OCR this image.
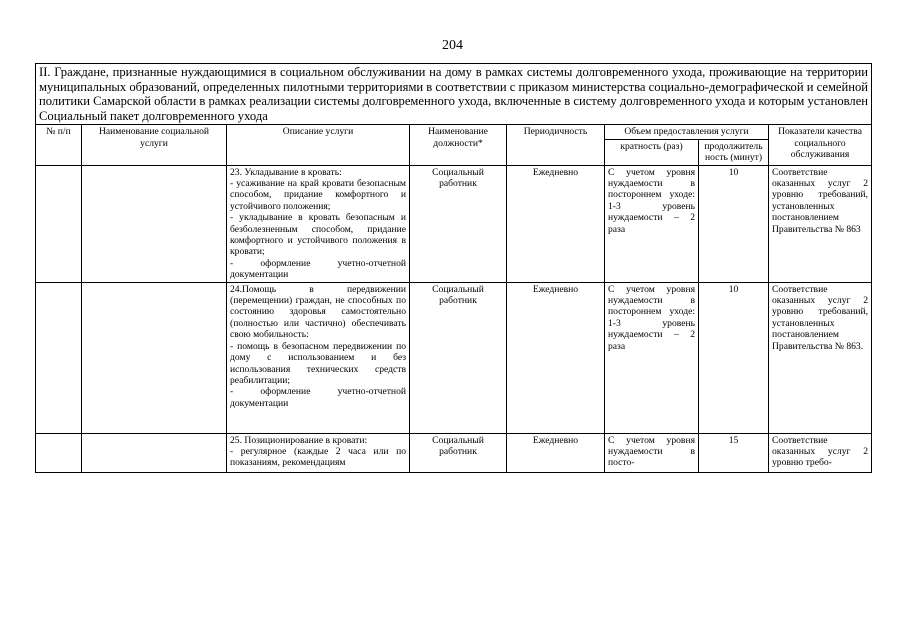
204
II. Граждане, признанные нуждающимися в социальном обслуживании на дому в рамках системы долговременного ухода, проживающие на территории муниципальных образований, определенных пилотными территориями в соответствии с приказом министерства социально-демографической и семейной политики Самарской области в рамках реализации системы долговременного ухода, включенные в систему долговременного ухода и которым установлен Социальный пакет долговременного ухода							
№ п/п	Наименование социальной услуги	Описание услуги	Наименование должности*	Периодичность	Объем предоставления услуги		Показатели качества социального обслуживания
					кратность (раз)	продолжительность (минут)	

		23. Укладывание в кровать:
- усаживание на край кровати безопасным способом, придание комфортного и устойчивого положения;
- укладывание в кровать безопасным и безболезненным способом, придание комфортного и устойчивого положения в кровати;
- оформление учетно-отчетной документации	Социальный работник	Ежедневно	С учетом уровня нуждаемости в постороннем уходе: 1-3 уровень нуждаемости – 2 раза	10	Соответствие оказанных услуг 2 уровню требований, установленных постановлением Правительства № 863

		24.Помощь в передвижении (перемещении) граждан, не способных по состоянию здоровья самостоятельно (полностью или частично) обеспечивать свою мобильность:
- помощь в безопасном передвижении по дому с использованием и без использования технических средств реабилитации;
- оформление учетно-отчетной документации	Социальный работник	Ежедневно	С учетом уровня нуждаемости в постороннем уходе: 1-3 уровень нуждаемости – 2 раза	10	Соответствие оказанных услуг 2 уровню требований, установленных постановлением Правительства № 863.

		25. Позиционирование в кровати:
- регулярное (каждые 2 часа или по показаниям, рекомендациям	Социальный работник	Ежедневно	С учетом уровня нуждаемости в посто-	15	Соответствие оказанных услуг 2 уровню требо-
